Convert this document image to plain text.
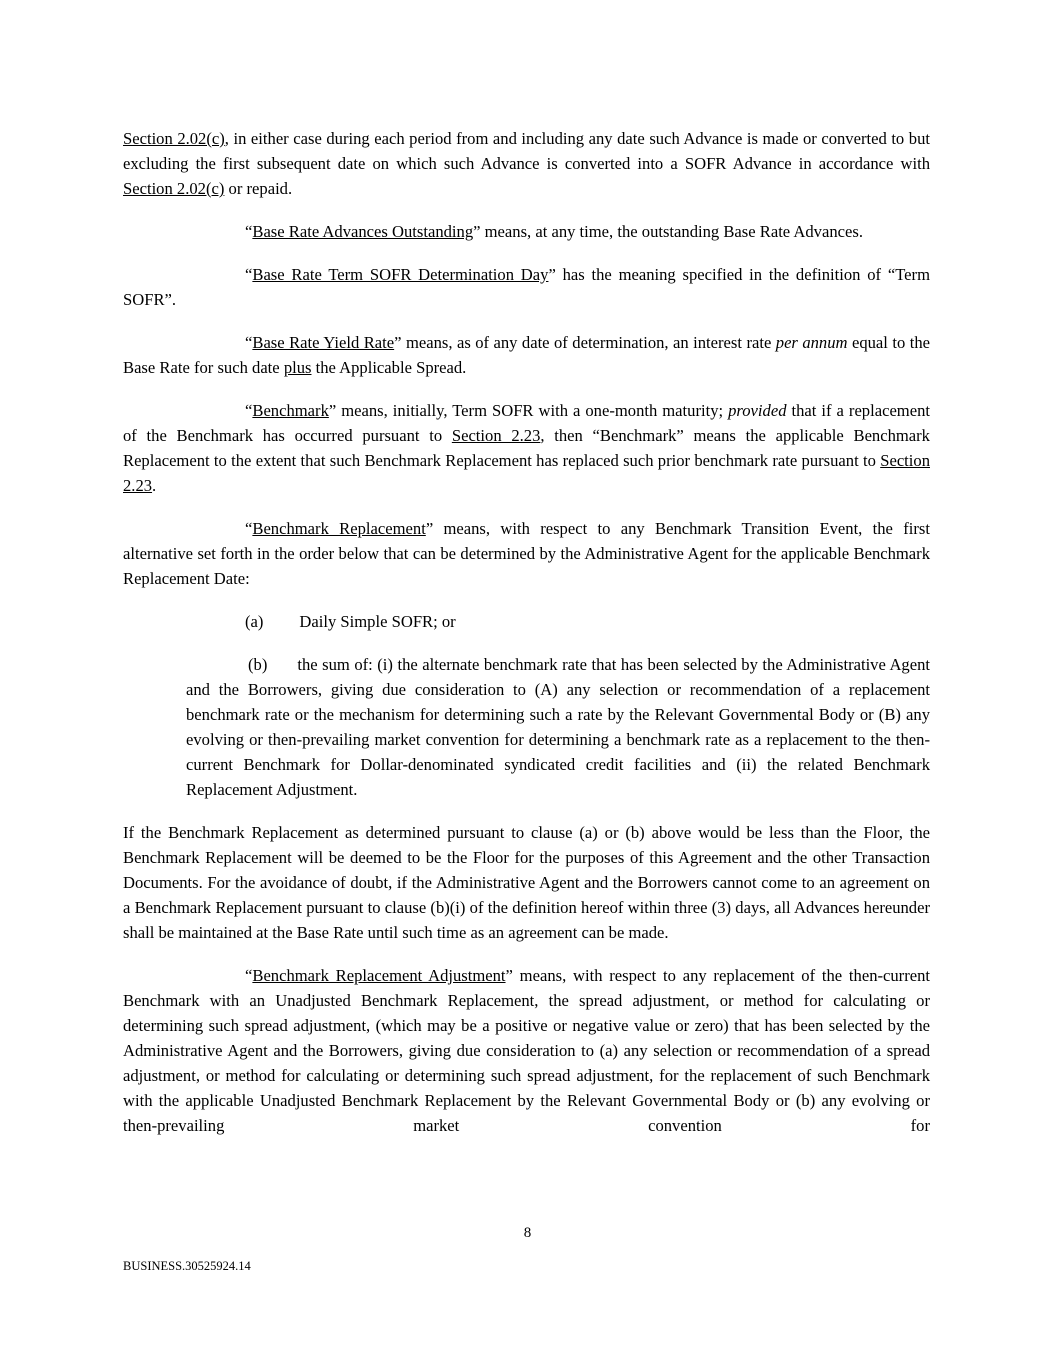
Section 2.02(c), in either case during each period from and including any date such Advance is made or converted to but excluding the first subsequent date on which such Advance is converted into a SOFR Advance in accordance with Section 2.02(c) or repaid.

“Base Rate Advances Outstanding” means, at any time, the outstanding Base Rate Advances.

“Base Rate Term SOFR Determination Day” has the meaning specified in the definition of “Term SOFR”.

“Base Rate Yield Rate” means, as of any date of determination, an interest rate per annum equal to the Base Rate for such date plus the Applicable Spread.

“Benchmark” means, initially, Term SOFR with a one-month maturity; provided that if a replacement of the Benchmark has occurred pursuant to Section 2.23, then “Benchmark” means the applicable Benchmark Replacement to the extent that such Benchmark Replacement has replaced such prior benchmark rate pursuant to Section 2.23.

“Benchmark Replacement” means, with respect to any Benchmark Transition Event, the first alternative set forth in the order below that can be determined by the Administrative Agent for the applicable Benchmark Replacement Date:

(a) Daily Simple SOFR; or

(b) the sum of: (i) the alternate benchmark rate that has been selected by the Administrative Agent and the Borrowers, giving due consideration to (A) any selection or recommendation of a replacement benchmark rate or the mechanism for determining such a rate by the Relevant Governmental Body or (B) any evolving or then-prevailing market convention for determining a benchmark rate as a replacement to the then-current Benchmark for Dollar-denominated syndicated credit facilities and (ii) the related Benchmark Replacement Adjustment.

If the Benchmark Replacement as determined pursuant to clause (a) or (b) above would be less than the Floor, the Benchmark Replacement will be deemed to be the Floor for the purposes of this Agreement and the other Transaction Documents. For the avoidance of doubt, if the Administrative Agent and the Borrowers cannot come to an agreement on a Benchmark Replacement pursuant to clause (b)(i) of the definition hereof within three (3) days, all Advances hereunder shall be maintained at the Base Rate until such time as an agreement can be made.

“Benchmark Replacement Adjustment” means, with respect to any replacement of the then-current Benchmark with an Unadjusted Benchmark Replacement, the spread adjustment, or method for calculating or determining such spread adjustment, (which may be a positive or negative value or zero) that has been selected by the Administrative Agent and the Borrowers, giving due consideration to (a) any selection or recommendation of a spread adjustment, or method for calculating or determining such spread adjustment, for the replacement of such Benchmark with the applicable Unadjusted Benchmark Replacement by the Relevant Governmental Body or (b) any evolving or then-prevailing market convention for

8
BUSINESS.30525924.14
